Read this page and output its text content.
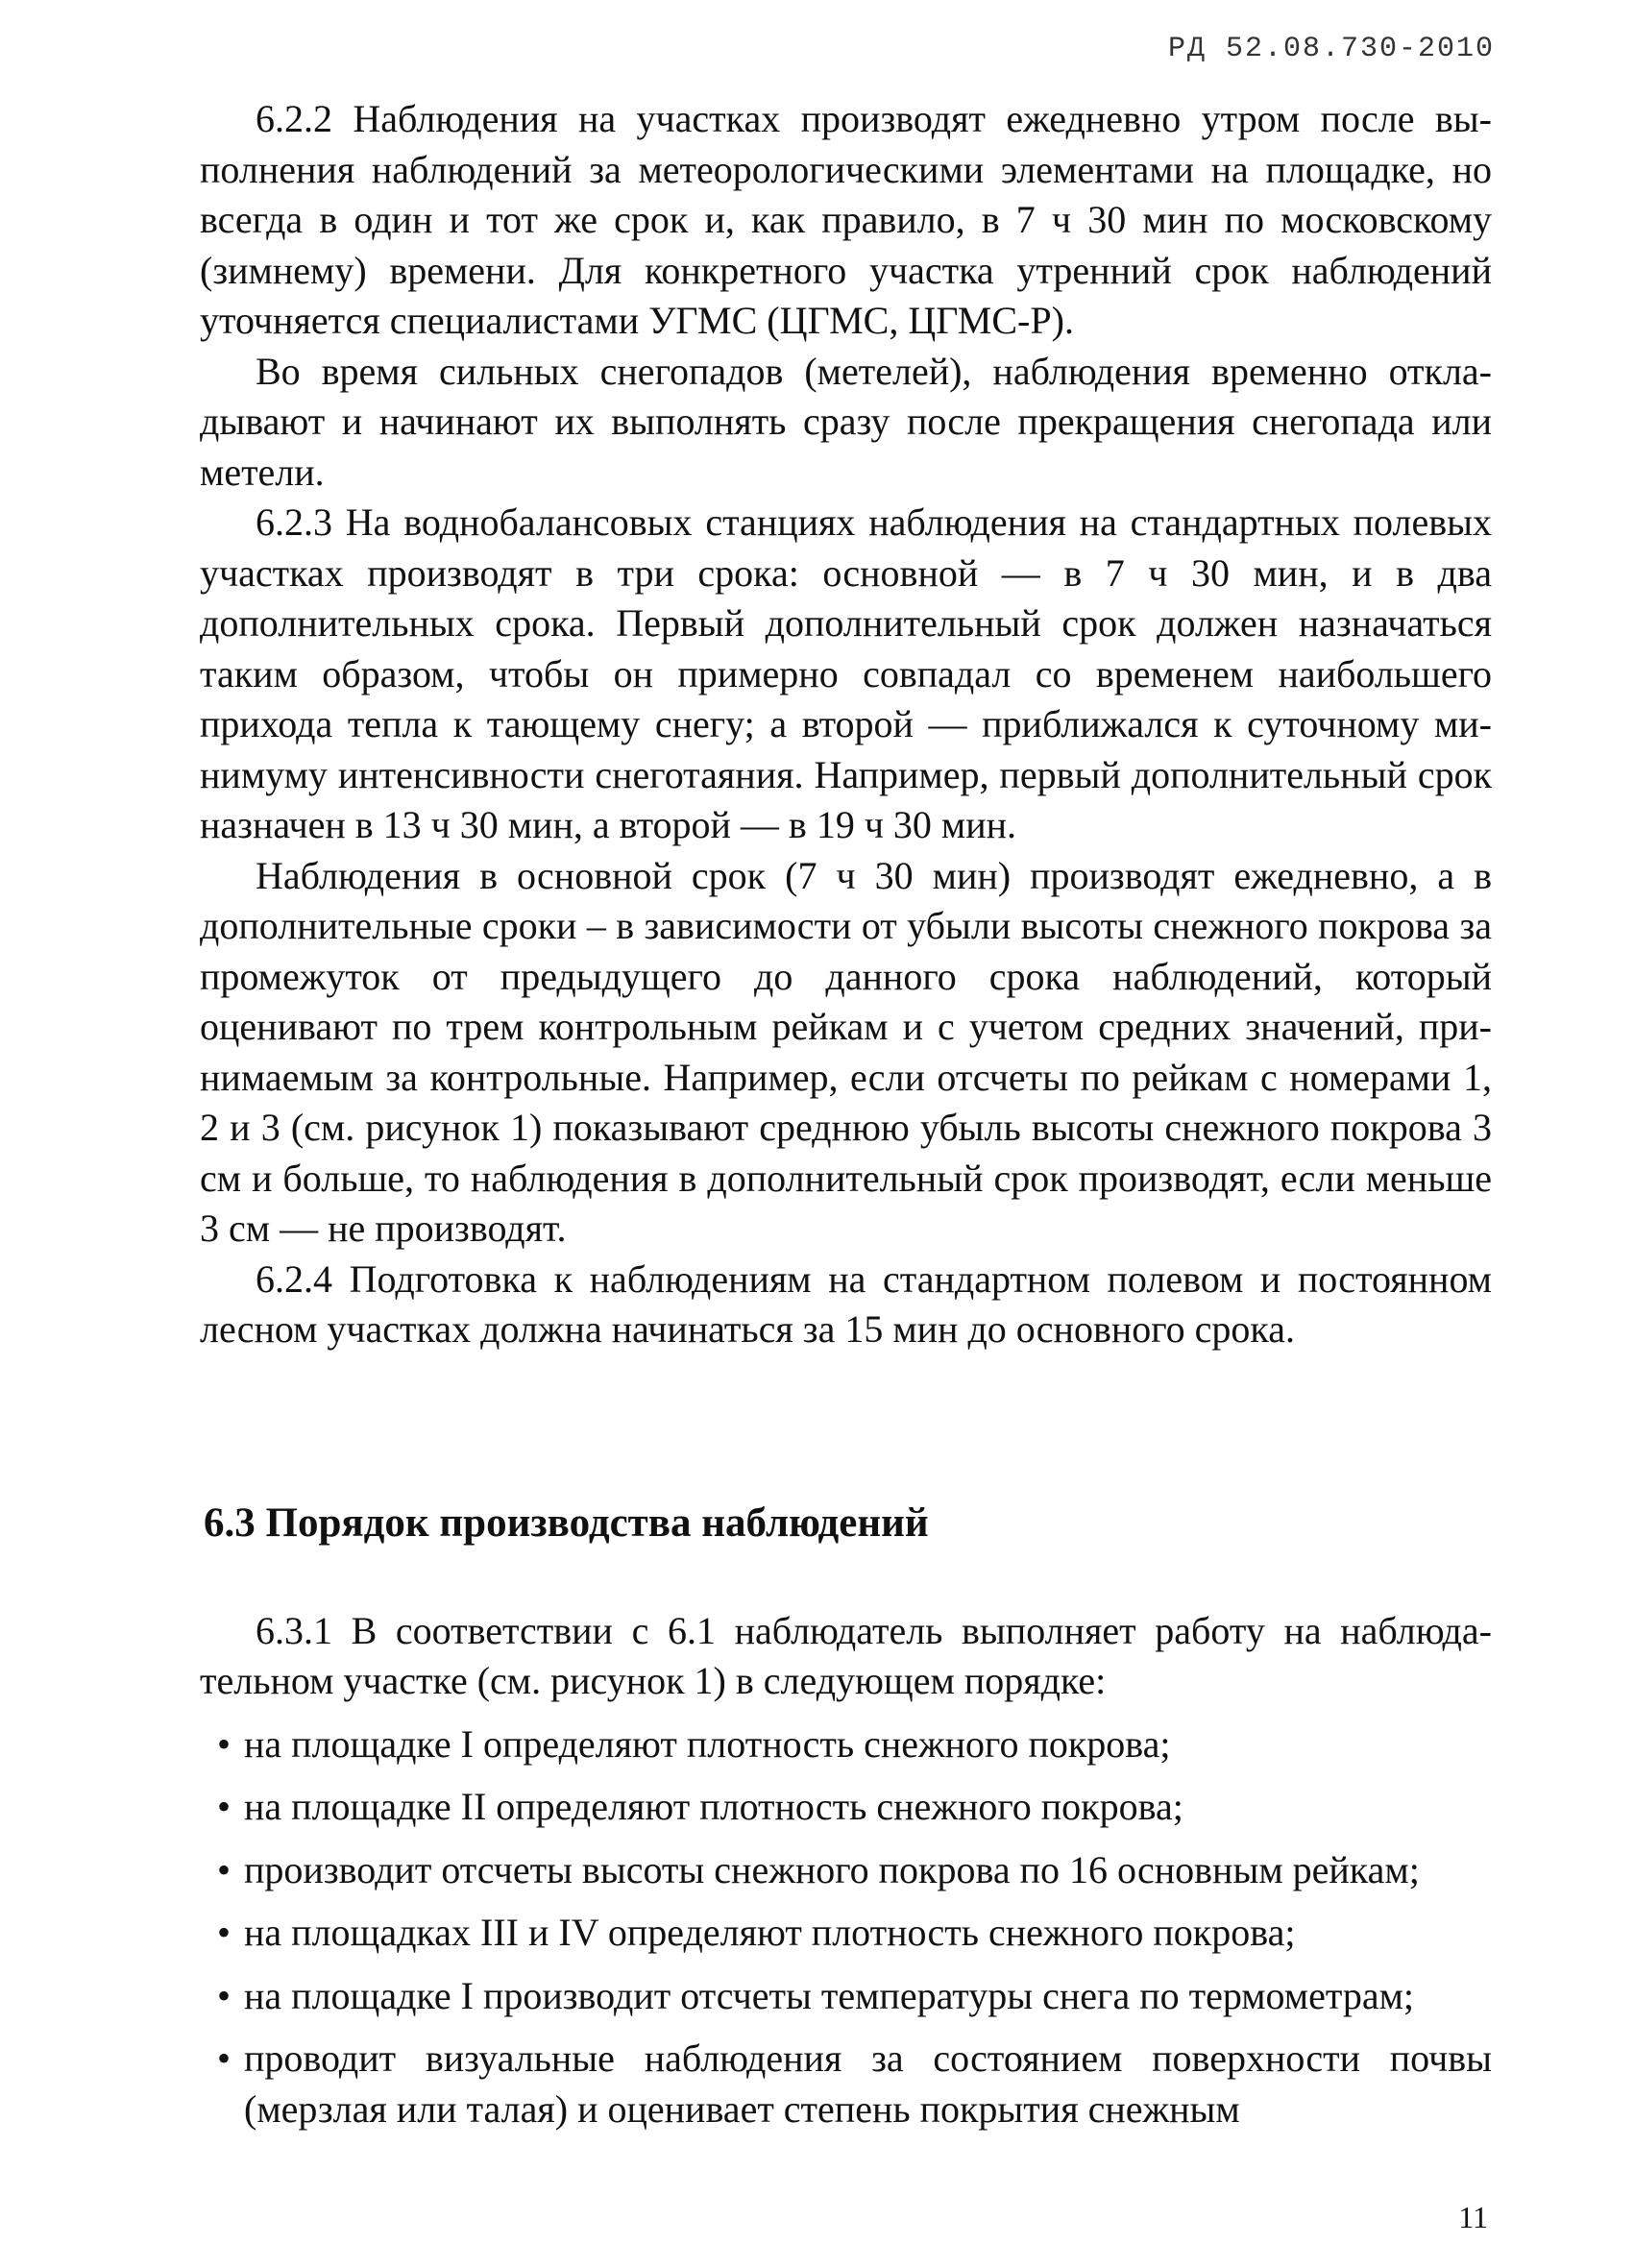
РД 52.08.730-2010

6.2.2 Наблюдения на участках производят ежедневно утром после выполнения наблюдений за метеорологическими элементами на площадке, но всегда в один и тот же срок и, как правило, в 7 ч 30 мин по московскому (зимнему) времени. Для конкретного участка утренний срок наблюдений уточняется специалистами УГМС (ЦГМС, ЦГМС-Р).

Во время сильных снегопадов (метелей), наблюдения временно откладывают и начинают их выполнять сразу после прекращения снегопада или метели.

6.2.3 На воднобалансовых станциях наблюдения на стандартных полевых участках производят в три срока: основной — в 7 ч 30 мин, и в два дополнительных срока. Первый дополнительный срок должен назначаться таким образом, чтобы он примерно совпадал со временем наибольшего прихода тепла к тающему снегу; а второй — приближался к суточному минимуму интенсивности снеготаяния. Например, первый дополнительный срок назначен в 13 ч 30 мин, а второй — в 19 ч 30 мин.

Наблюдения в основной срок (7 ч 30 мин) производят ежедневно, а в дополнительные сроки – в зависимости от убыли высоты снежного покрова за промежуток от предыдущего до данного срока наблюдений, который оценивают по трем контрольным рейкам и с учетом средних значений, принимаемым за контрольные. Например, если отсчеты по рейкам с номерами 1, 2 и 3 (см. рисунок 1) показывают среднюю убыль высоты снежного покрова 3 см и больше, то наблюдения в дополнительный срок производят, если меньше 3 см — не производят.

6.2.4 Подготовка к наблюдениям на стандартном полевом и постоянном лесном участках должна начинаться за 15 мин до основного срока.

6.3 Порядок производства наблюдений

6.3.1 В соответствии с 6.1 наблюдатель выполняет работу на наблюдательном участке (см. рисунок 1) в следующем порядке:

• на площадке I определяют плотность снежного покрова;
• на площадке II определяют плотность снежного покрова;
• производит отсчеты высоты снежного покрова по 16 основным рейкам;
• на площадках III и IV определяют плотность снежного покрова;
• на площадке I производит отсчеты температуры снега по термометрам;
• проводит визуальные наблюдения за состоянием поверхности почвы (мерзлая или талая) и оценивает степень покрытия снежным
11
